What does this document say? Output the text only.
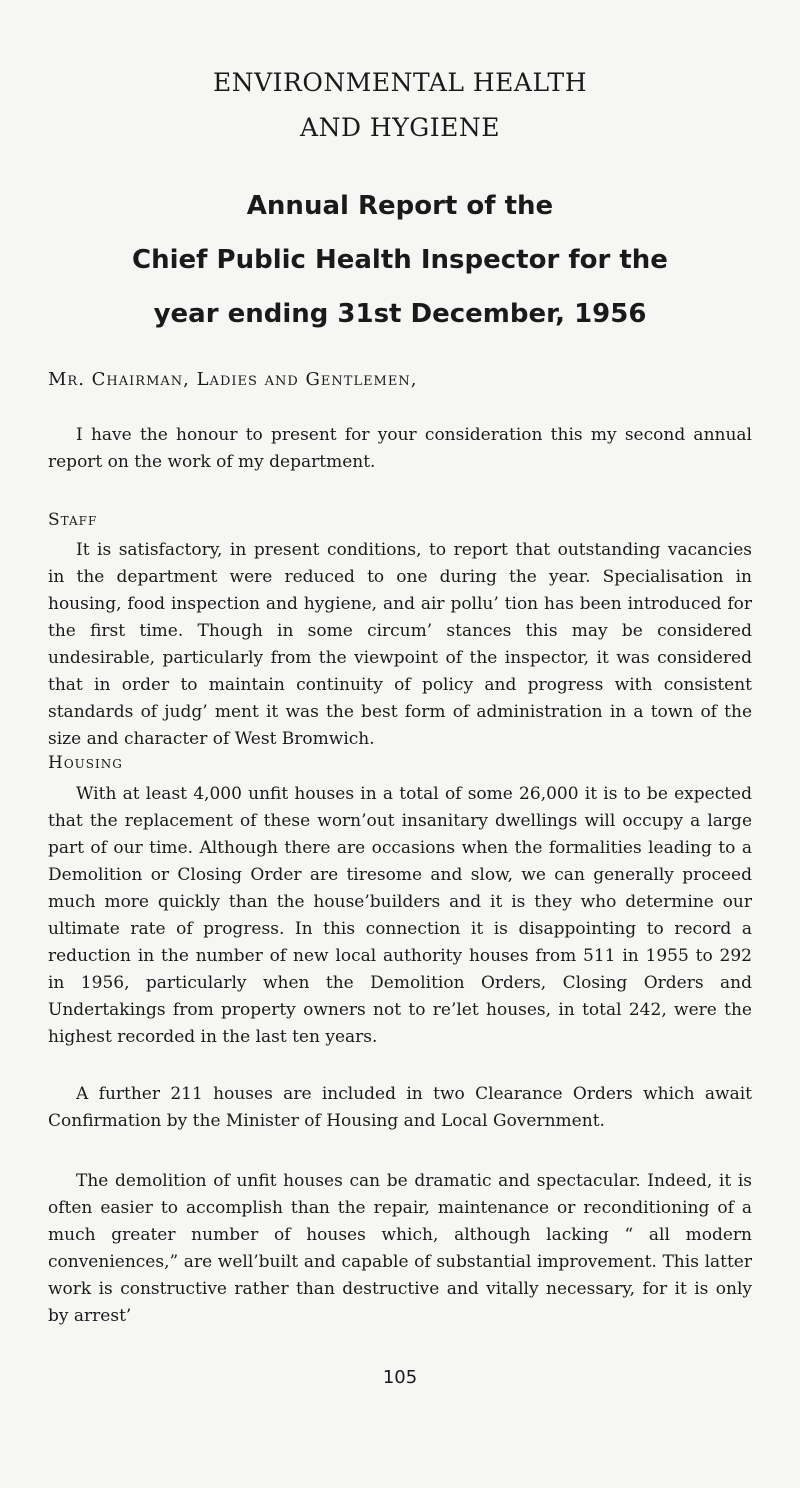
ENVIRONMENTAL HEALTH
AND HYGIENE
Annual Report of the
Chief Public Health Inspector for the
year ending 31st December, 1956
Mr. Chairman, Ladies and Gentlemen,

I have the honour to present for your consideration this my second annual report on the work of my department.

Staff

It is satisfactory, in present conditions, to report that outstanding vacancies in the department were reduced to one during the year. Specialisation in housing, food inspection and hygiene, and air pollu’ tion has been introduced for the first time. Though in some circum’ stances this may be considered undesirable, particularly from the viewpoint of the inspector, it was considered that in order to maintain continuity of policy and progress with consistent standards of judg’ ment it was the best form of administration in a town of the size and character of West Bromwich.

Housing

With at least 4,000 unfit houses in a total of some 26,000 it is to be expected that the replacement of these worn’out insanitary dwellings will occupy a large part of our time. Although there are occasions when the formalities leading to a Demolition or Closing Order are tiresome and slow, we can generally proceed much more quickly than the house’builders and it is they who determine our ultimate rate of progress. In this connection it is disappointing to record a reduction in the number of new local authority houses from 511 in 1955 to 292 in 1956, particularly when the Demolition Orders, Closing Orders and Undertakings from property owners not to re’let houses, in total 242, were the highest recorded in the last ten years.

A further 211 houses are included in two Clearance Orders which await Confirmation by the Minister of Housing and Local Government.

The demolition of unfit houses can be dramatic and spectacular. Indeed, it is often easier to accomplish than the repair, maintenance or reconditioning of a much greater number of houses which, although lacking “ all modern conveniences,” are well’built and capable of substantial improvement. This latter work is constructive rather than destructive and vitally necessary, for it is only by arrest’

105
